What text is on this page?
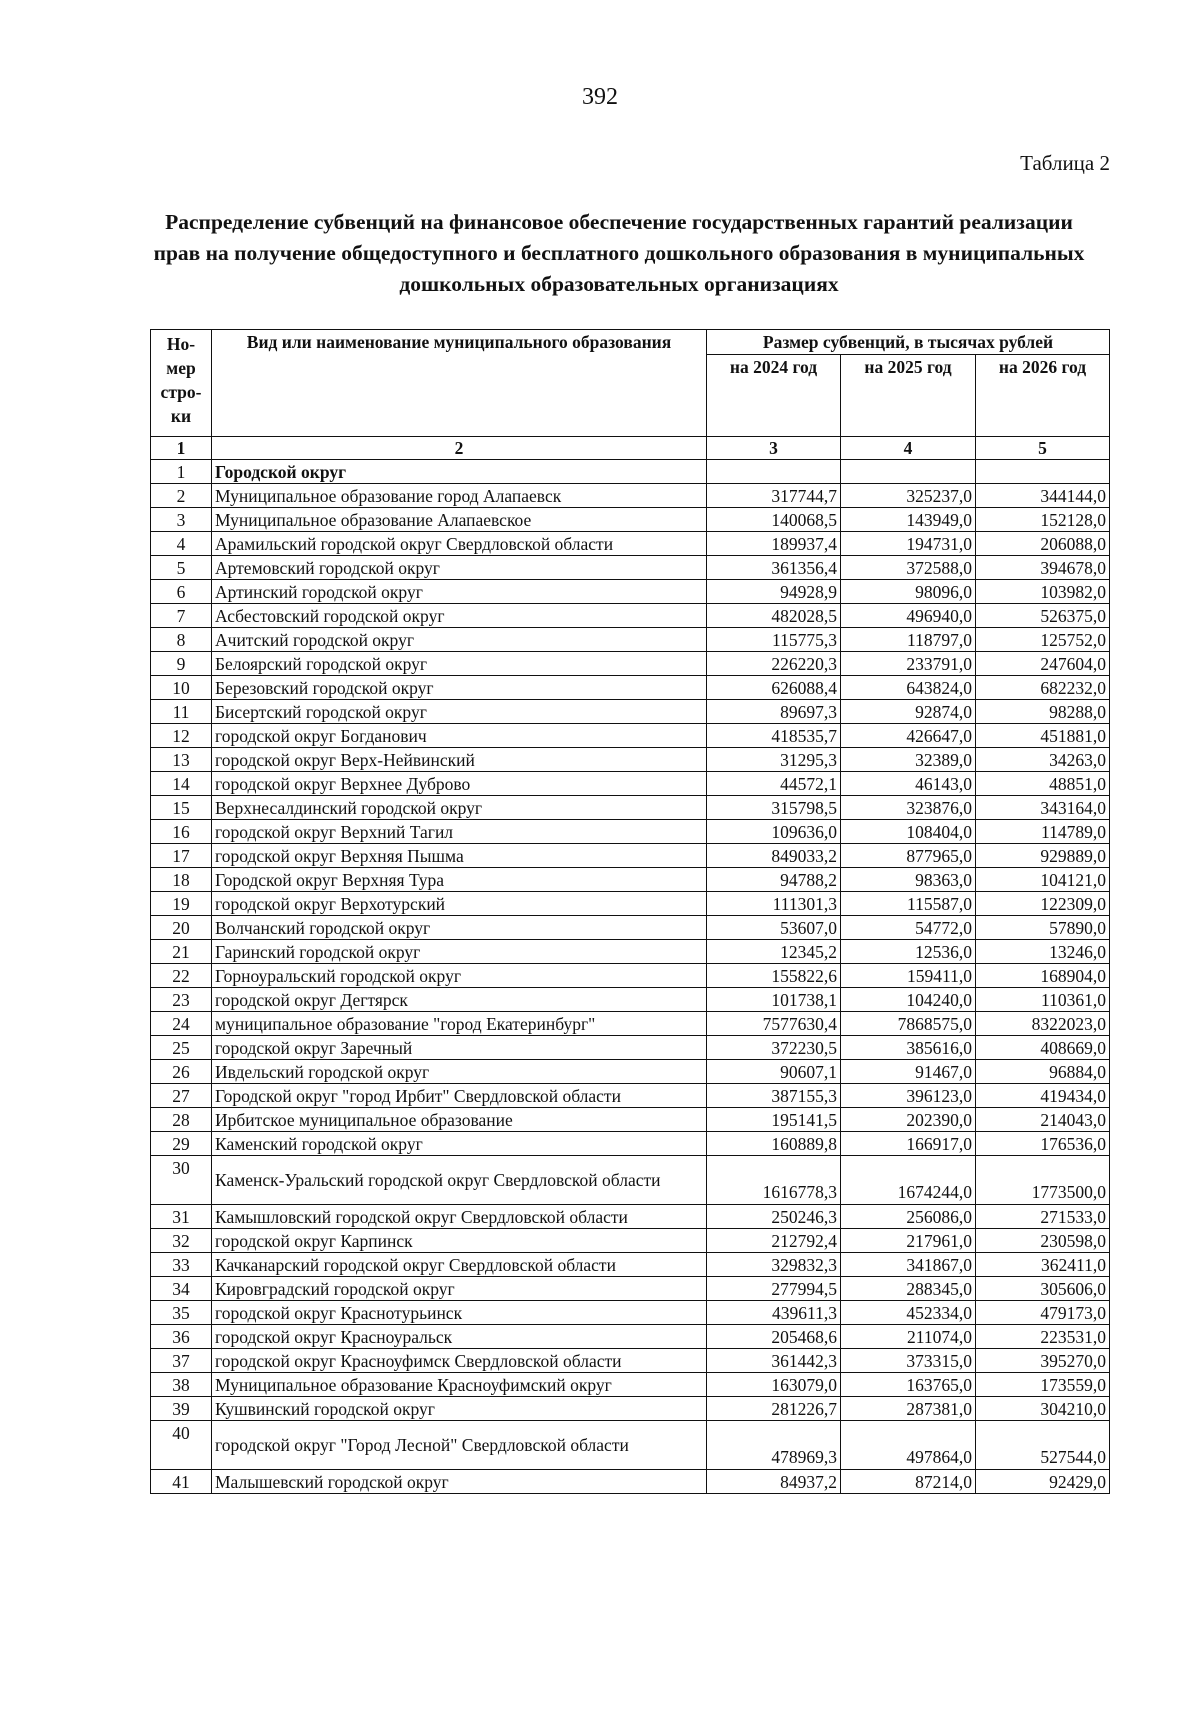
392
Таблица 2
Распределение субвенций на финансовое обеспечение государственных гарантий реализации прав на получение общедоступного и бесплатного дошкольного образования в муниципальных дошкольных образовательных организациях
Но-мер стро-ки	Вид или наименование муниципального образования	Размер субвенций, в тысячах рублей		
		на 2024 год	на 2025 год	на 2026 год
1	2	3	4	5
1	Городской округ			
2	Муниципальное образование город Алапаевск	317744,7	325237,0	344144,0
3	Муниципальное образование Алапаевское	140068,5	143949,0	152128,0
4	Арамильский городской округ Свердловской области	189937,4	194731,0	206088,0
5	Артемовский городской округ	361356,4	372588,0	394678,0
6	Артинский городской округ	94928,9	98096,0	103982,0
7	Асбестовский городской округ	482028,5	496940,0	526375,0
8	Ачитский городской округ	115775,3	118797,0	125752,0
9	Белоярский городской округ	226220,3	233791,0	247604,0
10	Березовский городской округ	626088,4	643824,0	682232,0
11	Бисертский городской округ	89697,3	92874,0	98288,0
12	городской округ Богданович	418535,7	426647,0	451881,0
13	городской округ Верх-Нейвинский	31295,3	32389,0	34263,0
14	городской округ Верхнее Дуброво	44572,1	46143,0	48851,0
15	Верхнесалдинский городской округ	315798,5	323876,0	343164,0
16	городской округ Верхний Тагил	109636,0	108404,0	114789,0
17	городской округ Верхняя Пышма	849033,2	877965,0	929889,0
18	Городской округ Верхняя Тура	94788,2	98363,0	104121,0
19	городской округ Верхотурский	111301,3	115587,0	122309,0
20	Волчанский городской округ	53607,0	54772,0	57890,0
21	Гаринский городской округ	12345,2	12536,0	13246,0
22	Горноуральский городской округ	155822,6	159411,0	168904,0
23	городской округ Дегтярск	101738,1	104240,0	110361,0
24	муниципальное образование "город Екатеринбург"	7577630,4	7868575,0	8322023,0
25	городской округ Заречный	372230,5	385616,0	408669,0
26	Ивдельский городской округ	90607,1	91467,0	96884,0
27	Городской округ "город Ирбит" Свердловской области	387155,3	396123,0	419434,0
28	Ирбитское муниципальное образование	195141,5	202390,0	214043,0
29	Каменский городской округ	160889,8	166917,0	176536,0
30	Каменск-Уральский городской округ Свердловской области	1616778,3	1674244,0	1773500,0
31	Камышловский городской округ Свердловской области	250246,3	256086,0	271533,0
32	городской округ Карпинск	212792,4	217961,0	230598,0
33	Качканарский городской округ Свердловской области	329832,3	341867,0	362411,0
34	Кировградский городской округ	277994,5	288345,0	305606,0
35	городской округ Краснотурьинск	439611,3	452334,0	479173,0
36	городской округ Красноуральск	205468,6	211074,0	223531,0
37	городской округ Красноуфимск Свердловской области	361442,3	373315,0	395270,0
38	Муниципальное образование Красноуфимский округ	163079,0	163765,0	173559,0
39	Кушвинский городской округ	281226,7	287381,0	304210,0
40	городской округ "Город Лесной" Свердловской области	478969,3	497864,0	527544,0
41	Малышевский городской округ	84937,2	87214,0	92429,0
